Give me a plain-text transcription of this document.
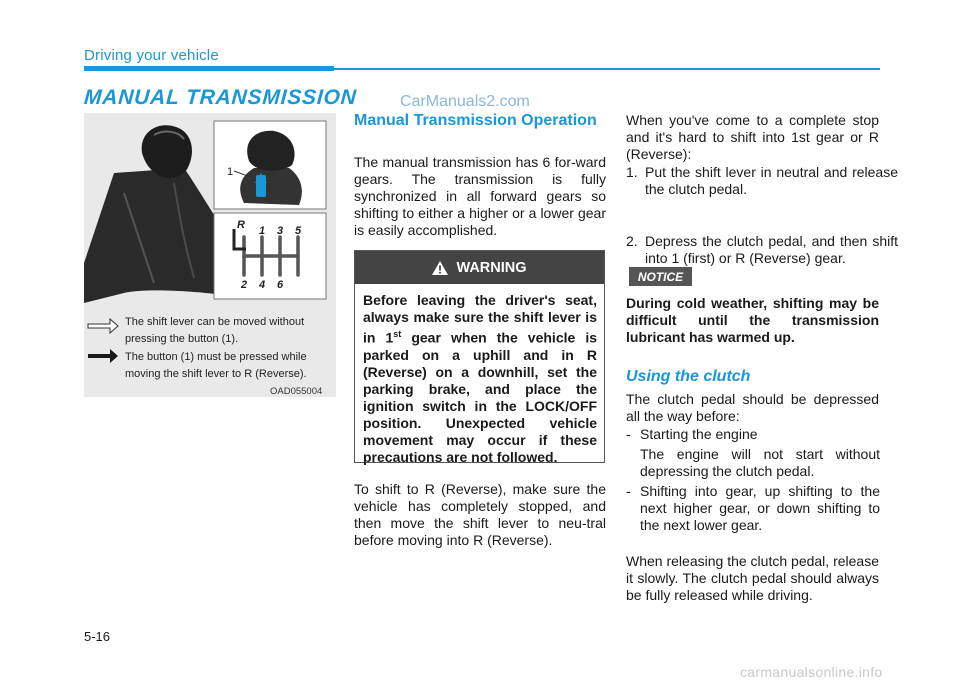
Driving your vehicle
MANUAL TRANSMISSION	CarManuals2.com
1
R 1 3 5
2 4 6
The shift lever can be moved without pressing the button (1).
The button (1) must be pressed while moving the shift lever to R (Reverse).
OAD055004
Manual Transmission Operation
The manual transmission has 6 for-ward gears. The transmission is fully synchronized in all forward gears so shifting to either a higher or a lower gear is easily accomplished.
WARNING
Before leaving the driver's seat, always make sure the shift lever is in 1st gear when the vehicle is parked on a uphill and in R (Reverse) on a downhill, set the parking brake, and place the ignition switch in the LOCK/OFF position. Unexpected vehicle movement may occur if these precautions are not followed.
To shift to R (Reverse), make sure the vehicle has completely stopped, and then move the shift lever to neu-tral before moving into R (Reverse).
When you've come to a complete stop and it's hard to shift into 1st gear or R (Reverse):
1. Put the shift lever in neutral and release the clutch pedal.
2. Depress the clutch pedal, and then shift into 1 (first) or R (Reverse) gear.
NOTICE
During cold weather, shifting may be difficult until the transmission lubricant has warmed up.
Using the clutch
The clutch pedal should be depressed all the way before:
- Starting the engine
The engine will not start without depressing the clutch pedal.
- Shifting into gear, up shifting to the next higher gear, or down shifting to the next lower gear.
When releasing the clutch pedal, release it slowly. The clutch pedal should always be fully released while driving.
5-16
carmanualsonline.info
